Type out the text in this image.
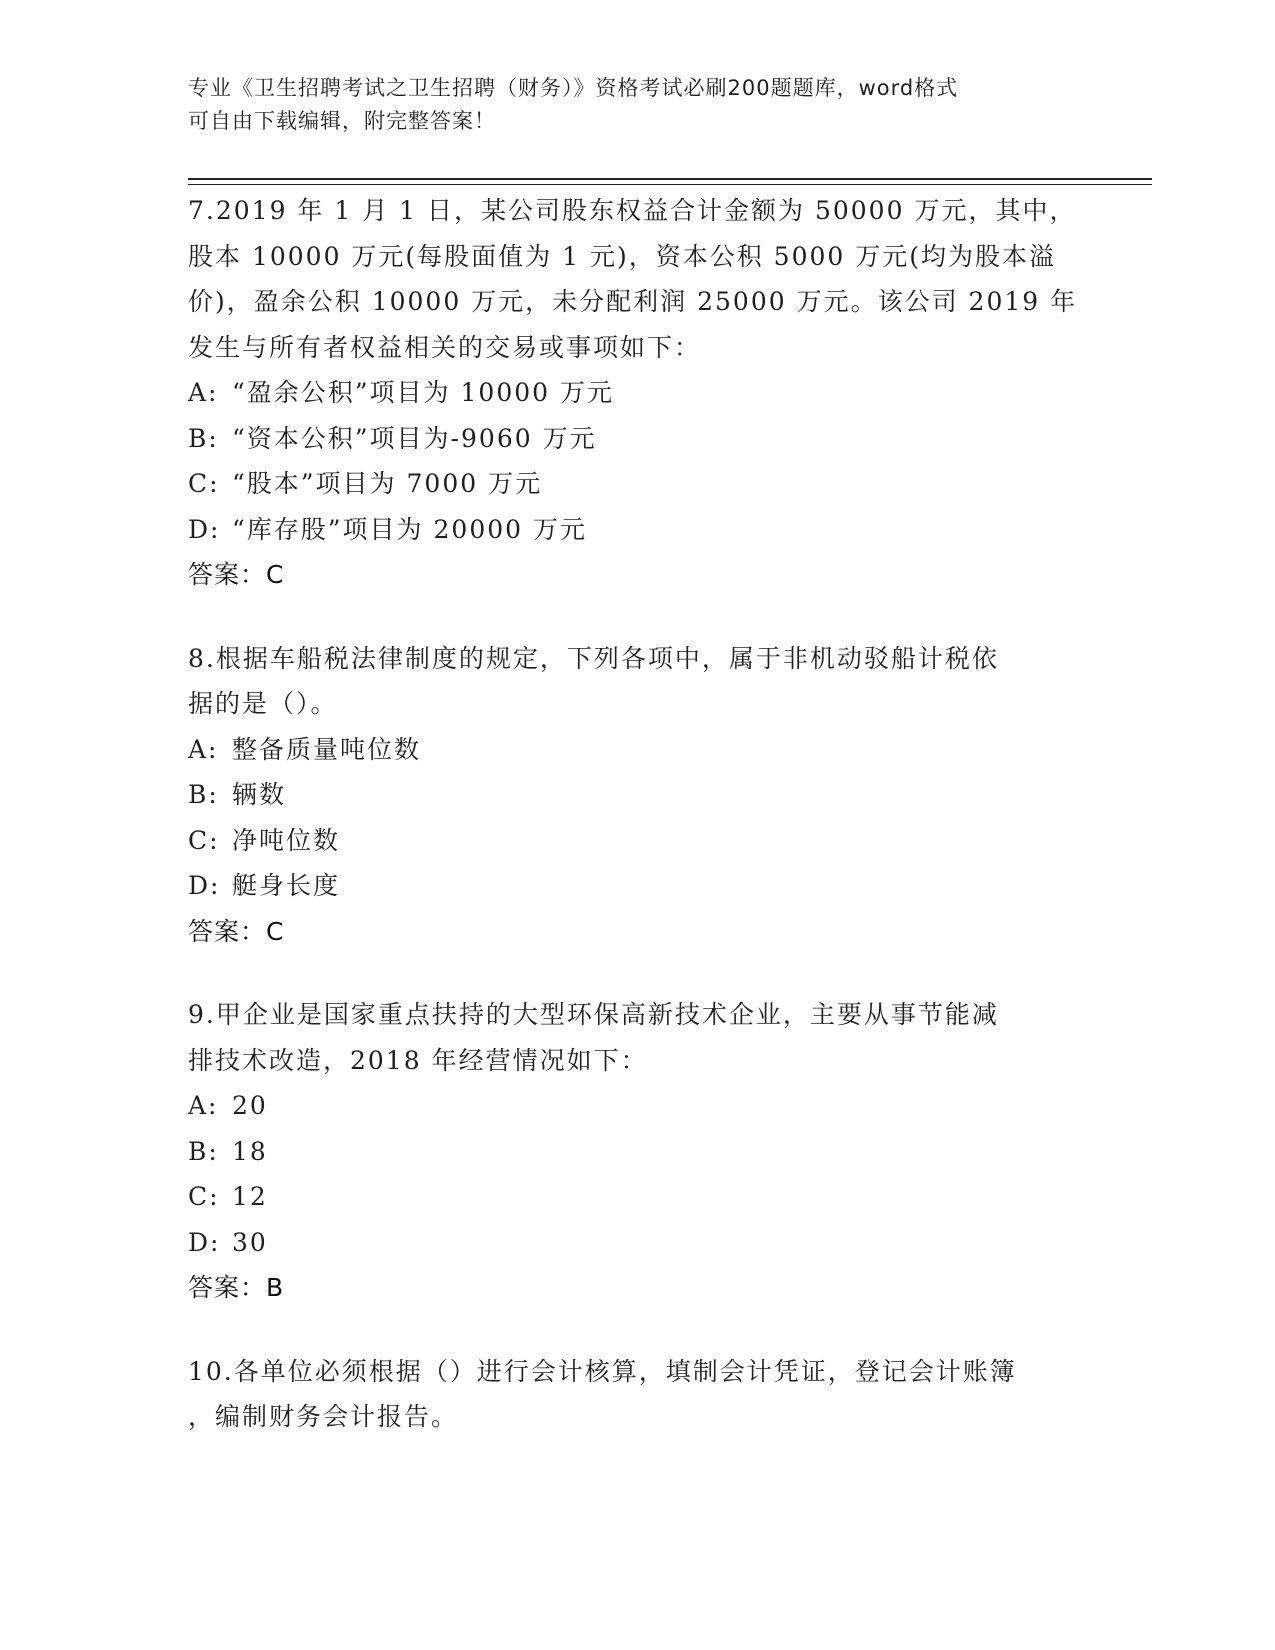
专业《卫生招聘考试之卫生招聘（财务）》资格考试必刷200题题库，word格式
可自由下载编辑，附完整答案！
7.2019 年 1 月 1 日，某公司股东权益合计金额为 50000 万元，其中，
股本 10000 万元(每股面值为 1 元)，资本公积 5000 万元(均为股本溢
价)，盈余公积 10000 万元，未分配利润 25000 万元。该公司 2019 年
发生与所有者权益相关的交易或事项如下：
A: “盈余公积”项目为 10000 万元
B: “资本公积”项目为-9060 万元
C: “股本”项目为 7000 万元
D: “库存股”项目为 20000 万元
答案：C
8.根据车船税法律制度的规定，下列各项中，属于非机动驳船计税依
据的是（）。
A: 整备质量吨位数
B: 辆数
C: 净吨位数
D: 艇身长度
答案：C
9.甲企业是国家重点扶持的大型环保高新技术企业，主要从事节能减
排技术改造，2018 年经营情况如下：
A: 20
B: 18
C: 12
D: 30
答案：B
10.各单位必须根据（）进行会计核算，填制会计凭证，登记会计账簿
，编制财务会计报告。
